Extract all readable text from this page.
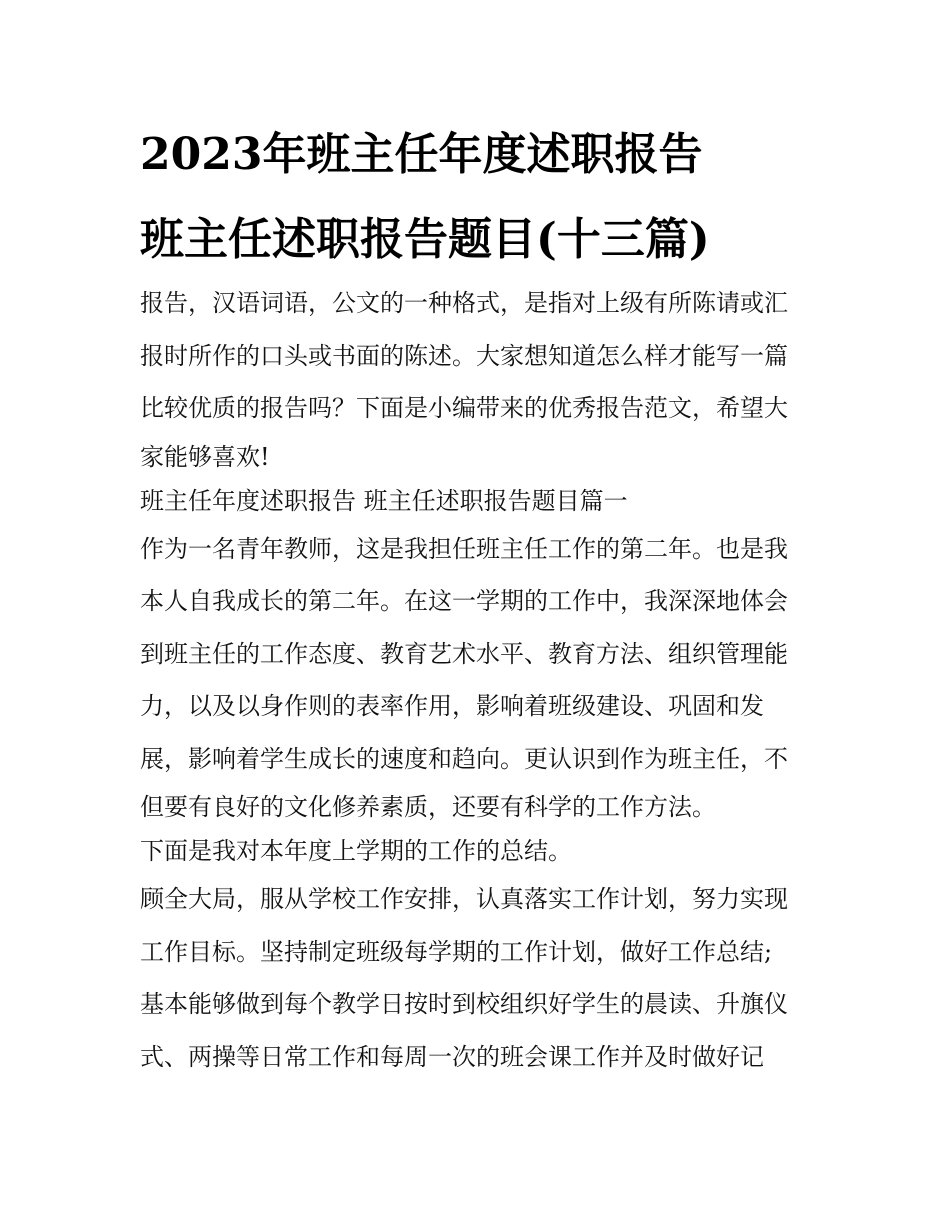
2023年班主任年度述职报告
班主任述职报告题目(十三篇)
报告，汉语词语，公文的一种格式，是指对上级有所陈请或汇
报时所作的口头或书面的陈述。大家想知道怎么样才能写一篇
比较优质的报告吗？下面是小编带来的优秀报告范文，希望大
家能够喜欢!
班主任年度述职报告 班主任述职报告题目篇一
作为一名青年教师，这是我担任班主任工作的第二年。也是我
本人自我成长的第二年。在这一学期的工作中，我深深地体会
到班主任的工作态度、教育艺术水平、教育方法、组织管理能
力，以及以身作则的表率作用，影响着班级建设、巩固和发
展，影响着学生成长的速度和趋向。更认识到作为班主任，不
但要有良好的文化修养素质，还要有科学的工作方法。
下面是我对本年度上学期的工作的总结。
顾全大局，服从学校工作安排，认真落实工作计划，努力实现
工作目标。坚持制定班级每学期的工作计划，做好工作总结;
基本能够做到每个教学日按时到校组织好学生的晨读、升旗仪
式、两操等日常工作和每周一次的班会课工作并及时做好记
